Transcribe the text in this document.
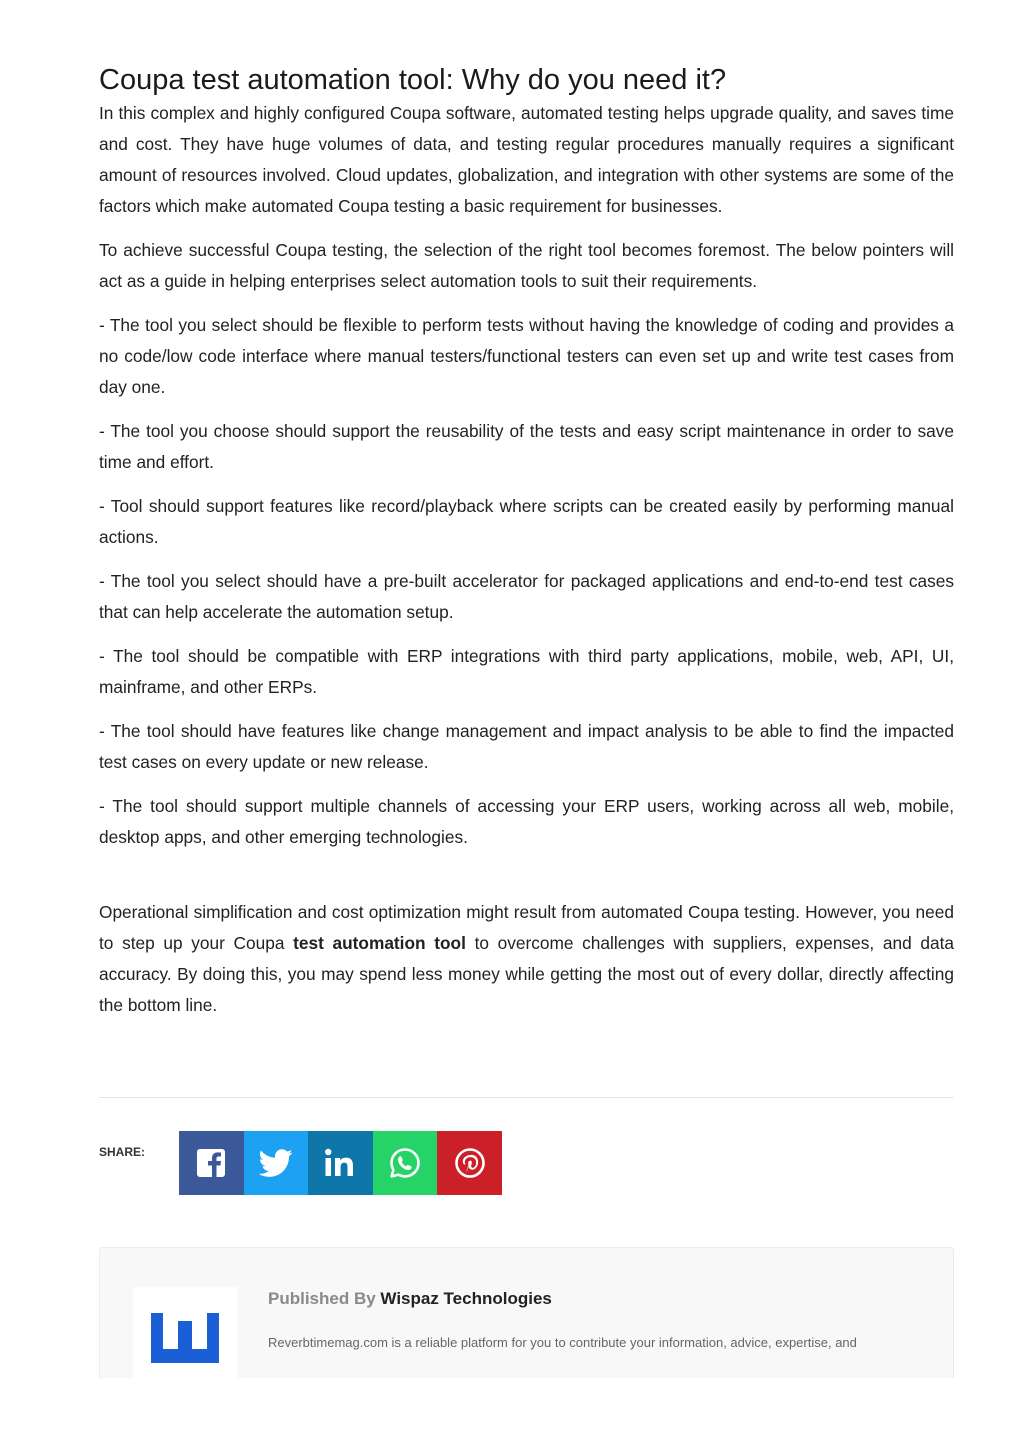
Coupa test automation tool: Why do you need it?

In this complex and highly configured Coupa software, automated testing helps upgrade quality, and saves time and cost. They have huge volumes of data, and testing regular procedures manually requires a significant amount of resources involved. Cloud updates, globalization, and integration with other systems are some of the factors which make automated Coupa testing a basic requirement for businesses.

To achieve successful Coupa testing, the selection of the right tool becomes foremost. The below pointers will act as a guide in helping enterprises select automation tools to suit their requirements.

- The tool you select should be flexible to perform tests without having the knowledge of coding and provides a no code/low code interface where manual testers/functional testers can even set up and write test cases from day one.

- The tool you choose should support the reusability of the tests and easy script maintenance in order to save time and effort.

- Tool should support features like record/playback where scripts can be created easily by performing manual actions.

- The tool you select should have a pre-built accelerator for packaged applications and end-to-end test cases that can help accelerate the automation setup.

- The tool should be compatible with ERP integrations with third party applications, mobile, web, API, UI, mainframe, and other ERPs.

- The tool should have features like change management and impact analysis to be able to find the impacted test cases on every update or new release.

- The tool should support multiple channels of accessing your ERP users, working across all web, mobile, desktop apps, and other emerging technologies.

Operational simplification and cost optimization might result from automated Coupa testing. However, you need to step up your Coupa test automation tool to overcome challenges with suppliers, expenses, and data accuracy. By doing this, you may spend less money while getting the most out of every dollar, directly affecting the bottom line.

SHARE:
Published By Wispaz Technologies
Reverbtimemag.com is a reliable platform for you to contribute your information, advice, expertise, and
